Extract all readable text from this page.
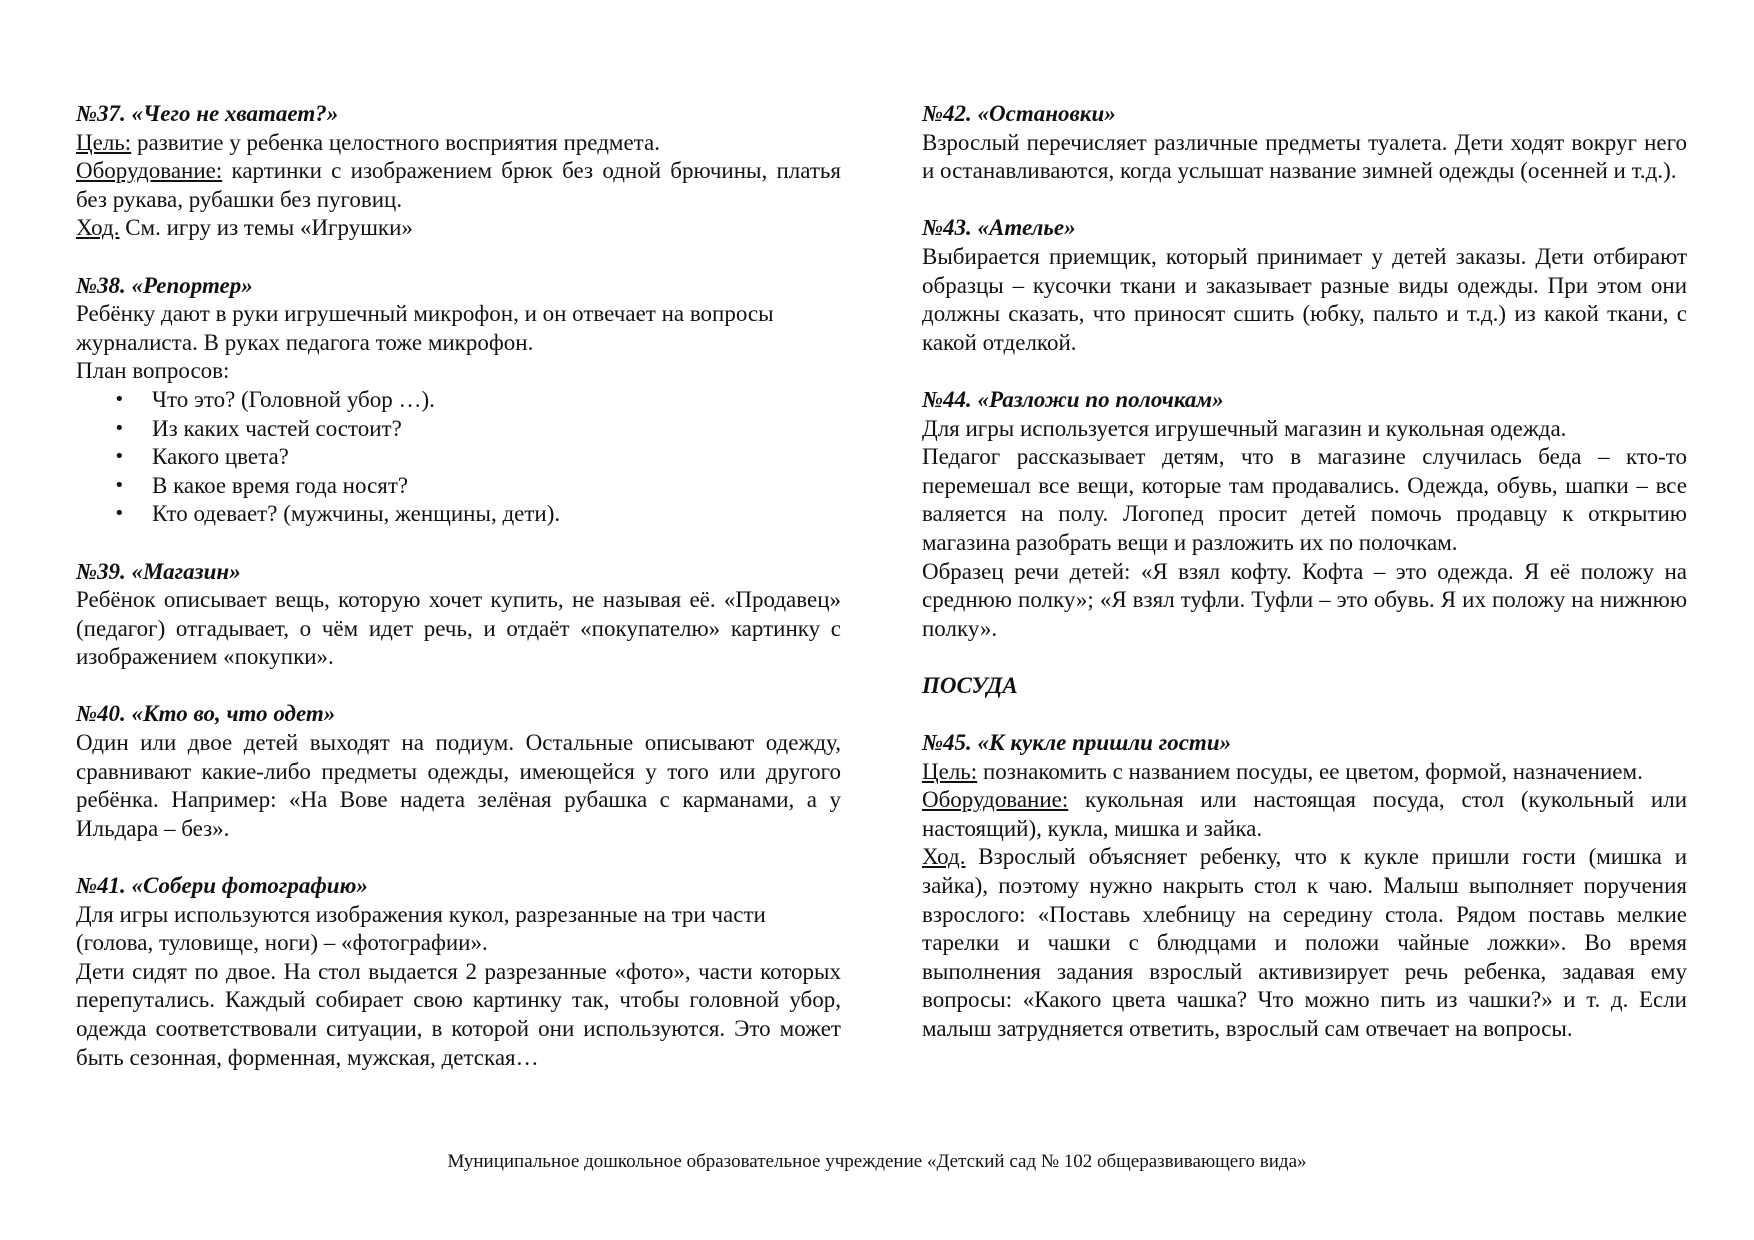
№37. «Чего не хватает?»
Цель: развитие у ребенка целостного восприятия предмета.
Оборудование: картинки с изображением брюк без одной брючины, платья без рукава, рубашки без пуговиц.
Ход. См. игру из темы «Игрушки»
№38. «Репортер»
Ребёнку дают в руки игрушечный микрофон, и он отвечает на вопросы журналиста. В руках педагога тоже микрофон.
План вопросов:
• Что это? (Головной убор …).
• Из каких частей состоит?
• Какого цвета?
• В какое время года носят?
• Кто одевает? (мужчины, женщины, дети).
№39. «Магазин»
Ребёнок описывает вещь, которую хочет купить, не называя её. «Продавец» (педагог) отгадывает, о чём идет речь, и отдаёт «покупателю» картинку с изображением «покупки».
№40. «Кто во, что одет»
Один или двое детей выходят на подиум. Остальные описывают одежду, сравнивают какие-либо предметы одежды, имеющейся у того или другого ребёнка. Например: «На Вове надета зелёная рубашка с карманами, а у Ильдара – без».
№41. «Собери фотографию»
Для игры используются изображения кукол, разрезанные на три части (голова, туловище, ноги) – «фотографии».
Дети сидят по двое. На стол выдается 2 разрезанные «фото», части которых перепутались. Каждый собирает свою картинку так, чтобы головной убор, одежда соответствовали ситуации, в которой они используются. Это может быть сезонная, форменная, мужская, детская…
№42. «Остановки»
Взрослый перечисляет различные предметы туалета. Дети ходят вокруг него и останавливаются, когда услышат название зимней одежды (осенней и т.д.).
№43. «Ателье»
Выбирается приемщик, который принимает у детей заказы. Дети отбирают образцы – кусочки ткани и заказывает разные виды одежды. При этом они должны сказать, что приносят сшить (юбку, пальто и т.д.) из какой ткани, с какой отделкой.
№44. «Разложи по полочкам»
Для игры используется игрушечный магазин и кукольная одежда.
Педагог рассказывает детям, что в магазине случилась беда – кто-то перемешал все вещи, которые там продавались. Одежда, обувь, шапки – все валяется на полу. Логопед просит детей помочь продавцу к открытию магазина разобрать вещи и разложить их по полочкам.
Образец речи детей: «Я взял кофту. Кофта – это одежда. Я её положу на среднюю полку»; «Я взял туфли. Туфли – это обувь. Я их положу на нижнюю полку».
ПОСУДА
№45. «К кукле пришли гости»
Цель: познакомить с названием посуды, ее цветом, формой, назначением.
Оборудование: кукольная или настоящая посуда, стол (кукольный или настоящий), кукла, мишка и зайка.
Ход. Взрослый объясняет ребенку, что к кукле пришли гости (мишка и зайка), поэтому нужно накрыть стол к чаю. Малыш выполняет поручения взрослого: «Поставь хлебницу на середину стола. Рядом поставь мелкие тарелки и чашки с блюдцами и положи чайные ложки». Во время выполнения задания взрослый активизирует речь ребенка, задавая ему вопросы: «Какого цвета чашка? Что можно пить из чашки?» и т. д. Если малыш затрудняется ответить, взрослый сам отвечает на вопросы.
Муниципальное дошкольное образовательное учреждение «Детский сад № 102 общеразвивающего вида»
